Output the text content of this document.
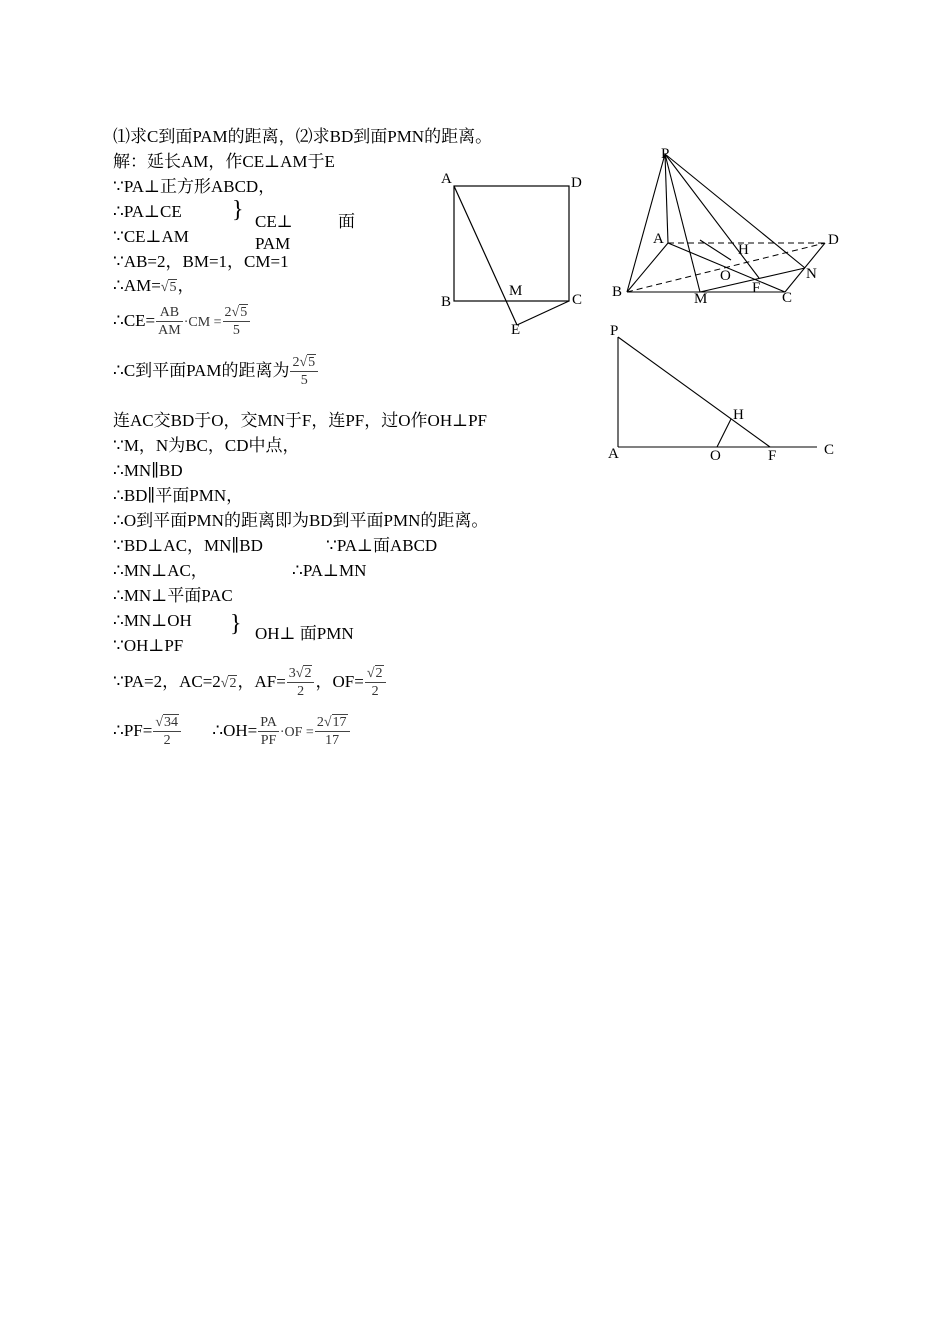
⑴求C到面PAM的距离，⑵求BD到面PMN的距离。
解：延长AM，作CE⊥AM于E
∵PA⊥正方形ABCD，
∴PA⊥CE } CE⊥	面
PAM
∵CE⊥AM
∵AB=2，BM=1，CM=1
∴AM=√5，
∴CE= $\frac{AB}{AM} \cdot CM = \frac{2√5}{5}$
∴C到平面PAM的距离为 $\frac{2√5}{5}$
连AC交BD于O，交MN于F，连PF，过O作OH⊥PF
∵M，N为BC，CD中点，
∴MN∥BD
∴BD∥平面PMN，
∴O到平面PMN的距离即为BD到平面PMN的距离。
∵BD⊥AC，MN∥BD	∵PA⊥面ABCD
∴MN⊥AC，	∴PA⊥MN
∴MN⊥平面PAC
∴MN⊥OH } OH⊥ 面PMN
∵OH⊥PF
∵PA=2，AC=2√2，$AF= \frac{3√2}{2}$ ，$OF= \frac{√2}{2}$
∴PF= $\frac{√34}{2}$ ∴OH= $\frac{PA}{PF} \cdot OF = \frac{2√17}{17}$
A	D
B	C
M
E
P
A	D
B	C
M
N
O
F
H
P
A	O	F
H
C
